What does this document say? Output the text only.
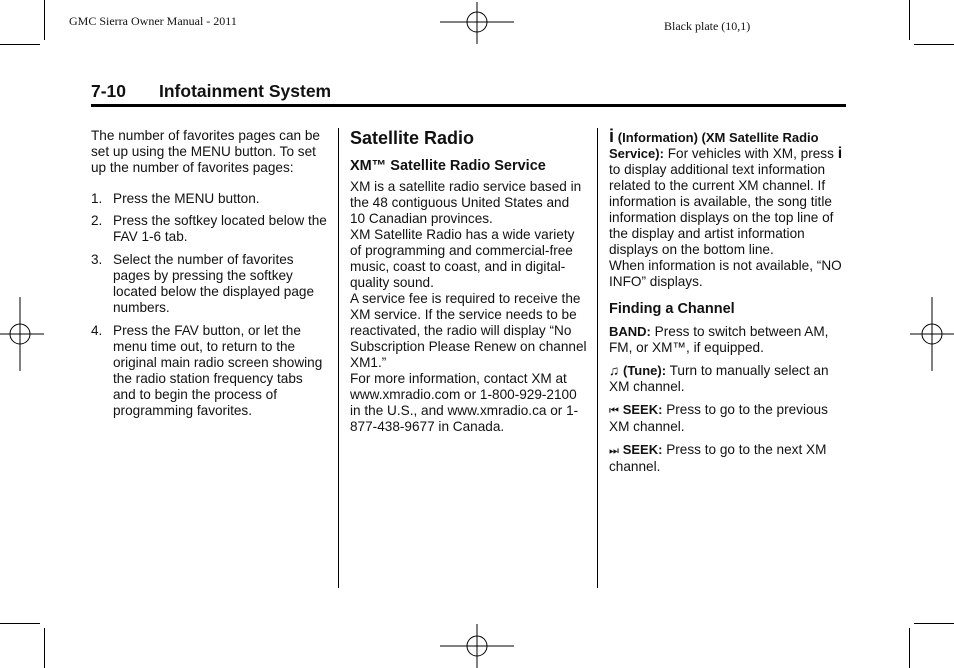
GMC Sierra Owner Manual - 2011	Black plate (10,1)
7-10 Infotainment System

The number of favorites pages can be set up using the MENU button. To set up the number of favorites pages:

1. Press the MENU button.
2. Press the softkey located below the FAV 1-6 tab.
3. Select the number of favorites pages by pressing the softkey located below the displayed page numbers.
4. Press the FAV button, or let the menu time out, to return to the original main radio screen showing the radio station frequency tabs and to begin the process of programming favorites.

Satellite Radio

XM™ Satellite Radio Service

XM is a satellite radio service based in the 48 contiguous United States and 10 Canadian provinces.

XM Satellite Radio has a wide variety of programming and commercial-free music, coast to coast, and in digital-quality sound.

A service fee is required to receive the XM service. If the service needs to be reactivated, the radio will display “No Subscription Please Renew on channel XM1.”

For more information, contact XM at www.xmradio.com or 1-800-929-2100 in the U.S., and www.xmradio.ca or 1-877-438-9677 in Canada.

i (Information) (XM Satellite Radio Service): For vehicles with XM, press i to display additional text information related to the current XM channel. If information is available, the song title information displays on the top line of the display and artist information displays on the bottom line.

When information is not available, “NO INFO” displays.

Finding a Channel

BAND: Press to switch between AM, FM, or XM™, if equipped.

♫ (Tune): Turn to manually select an XM channel.

⏮ SEEK: Press to go to the previous XM channel.

⏭ SEEK: Press to go to the next XM channel.
